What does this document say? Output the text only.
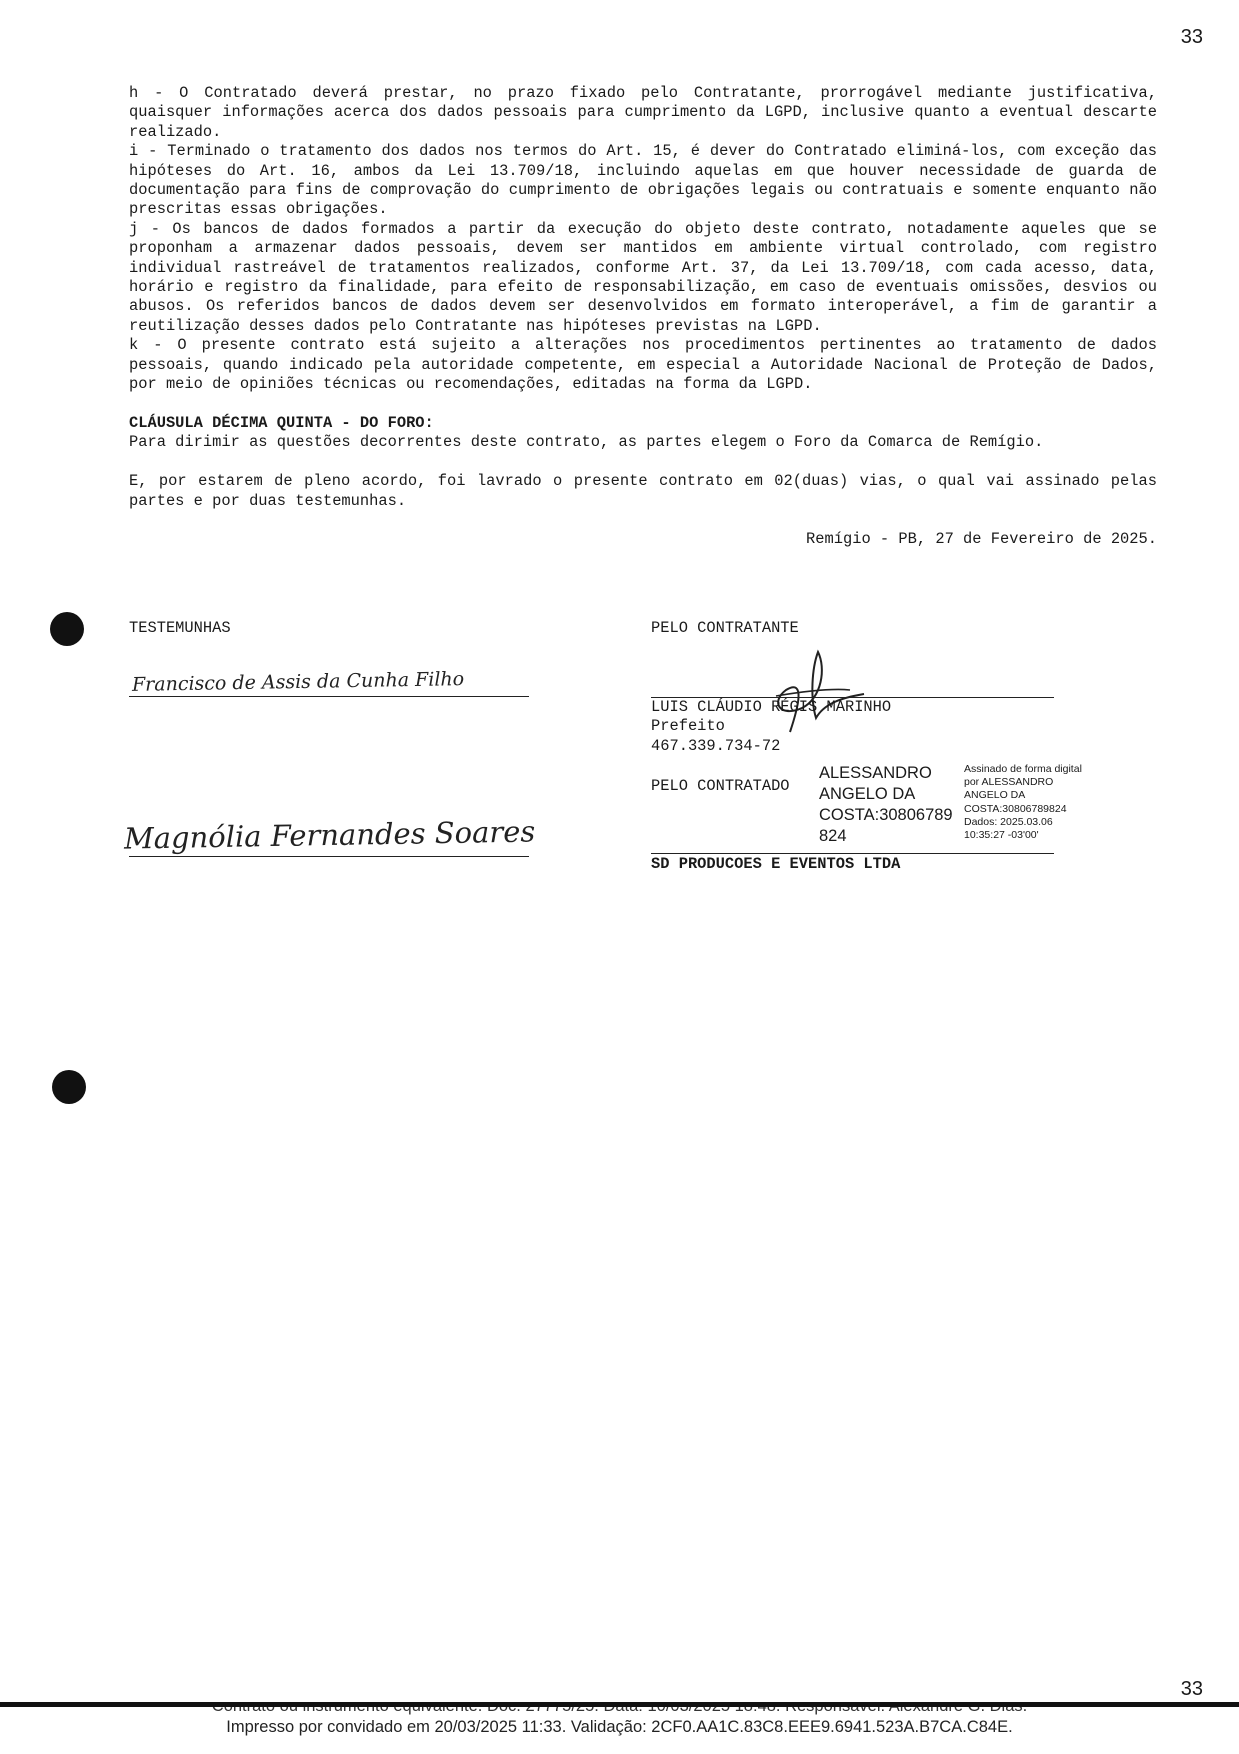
33

h - O Contratado deverá prestar, no prazo fixado pelo Contratante, prorrogável mediante justificativa, quaisquer informações acerca dos dados pessoais para cumprimento da LGPD, inclusive quanto a eventual descarte realizado.

i - Terminado o tratamento dos dados nos termos do Art. 15, é dever do Contratado eliminá-los, com exceção das hipóteses do Art. 16, ambos da Lei 13.709/18, incluindo aquelas em que houver necessidade de guarda de documentação para fins de comprovação do cumprimento de obrigações legais ou contratuais e somente enquanto não prescritas essas obrigações.

j - Os bancos de dados formados a partir da execução do objeto deste contrato, notadamente aqueles que se proponham a armazenar dados pessoais, devem ser mantidos em ambiente virtual controlado, com registro individual rastreável de tratamentos realizados, conforme Art. 37, da Lei 13.709/18, com cada acesso, data, horário e registro da finalidade, para efeito de responsabilização, em caso de eventuais omissões, desvios ou abusos. Os referidos bancos de dados devem ser desenvolvidos em formato interoperável, a fim de garantir a reutilização desses dados pelo Contratante nas hipóteses previstas na LGPD.

k - O presente contrato está sujeito a alterações nos procedimentos pertinentes ao tratamento de dados pessoais, quando indicado pela autoridade competente, em especial a Autoridade Nacional de Proteção de Dados, por meio de opiniões técnicas ou recomendações, editadas na forma da LGPD.

CLÁUSULA DÉCIMA QUINTA - DO FORO:

Para dirimir as questões decorrentes deste contrato, as partes elegem o Foro da Comarca de Remígio.

E, por estarem de pleno acordo, foi lavrado o presente contrato em 02(duas) vias, o qual vai assinado pelas partes e por duas testemunhas.

Remígio - PB, 27 de Fevereiro de 2025.

TESTEMUNHAS
Francisco de Assis da Cunha Filho
Magnólia Fernandes Soares
PELO CONTRATANTE
LUIS CLÁUDIO RÉGIS MARINHO
Prefeito
467.339.734-72
PELO CONTRATADO
ALESSANDRO
ANGELO DA
COSTA:30806789
824
Assinado de forma digital
por ALESSANDRO
ANGELO DA
COSTA:30806789824
Dados: 2025.03.06
10:35:27 -03'00'
SD PRODUCOES E EVENTOS LTDA
33
Impresso por convidado em 20/03/2025 11:33. Validação: 2CF0.AA1C.83C8.EEE9.6941.523A.B7CA.C84E.
